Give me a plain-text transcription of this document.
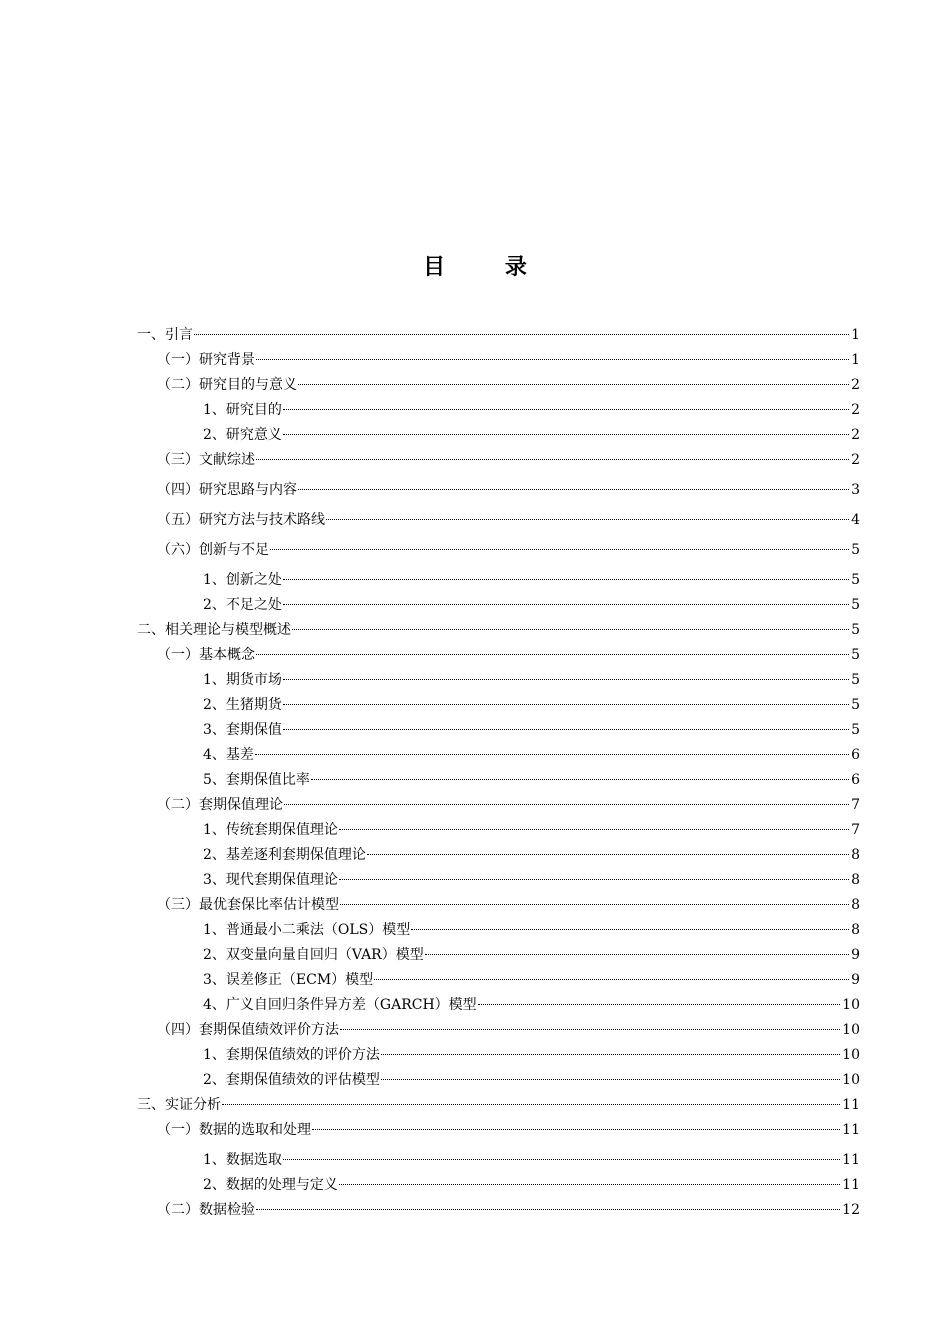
目 录
一、引言	1
（一）研究背景	1
（二）研究目的与意义	2
1、研究目的	2
2、研究意义	2
（三）文献综述	2
（四）研究思路与内容	3
（五）研究方法与技术路线	4
（六）创新与不足	5
1、创新之处	5
2、不足之处	5
二、相关理论与模型概述	5
（一）基本概念	5
1、期货市场	5
2、生猪期货	5
3、套期保值	5
4、基差	6
5、套期保值比率	6
（二）套期保值理论	7
1、传统套期保值理论	7
2、基差逐利套期保值理论	8
3、现代套期保值理论	8
（三）最优套保比率估计模型	8
1、普通最小二乘法（OLS）模型	8
2、双变量向量自回归（VAR）模型	9
3、误差修正（ECM）模型	9
4、广义自回归条件异方差（GARCH）模型	10
（四）套期保值绩效评价方法	10
1、套期保值绩效的评价方法	10
2、套期保值绩效的评估模型	10
三、实证分析	11
（一）数据的选取和处理	11
1、数据选取	11
2、数据的处理与定义	11
（二）数据检验	12
